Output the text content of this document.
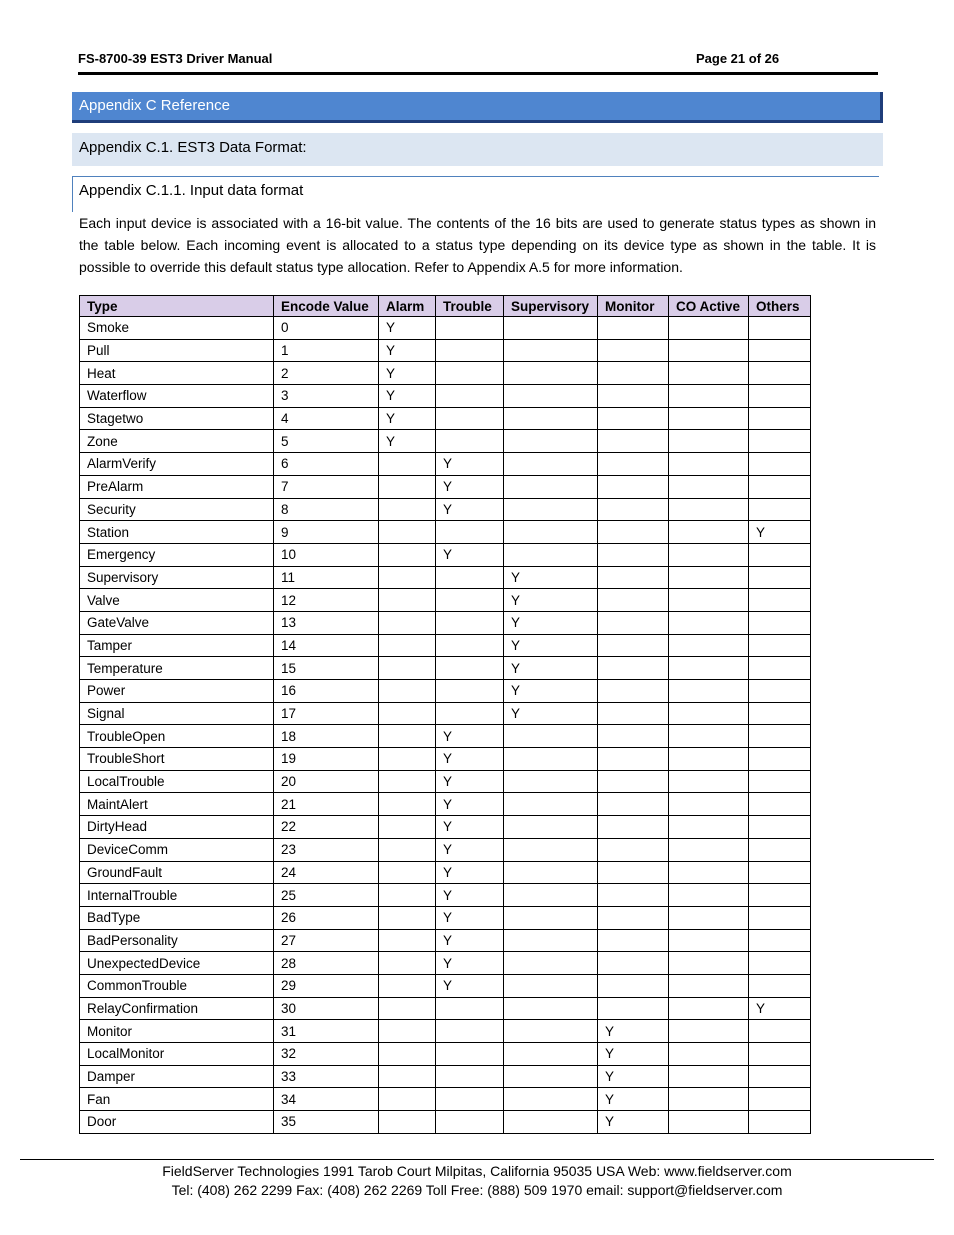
FS-8700-39 EST3 Driver Manual	Page 21 of 26
Appendix C Reference
Appendix C.1. EST3 Data Format:
Appendix C.1.1. Input data format
Each input device is associated with a 16-bit value. The contents of the 16 bits are used to generate status types as shown in the table below. Each incoming event is allocated to a status type depending on its device type as shown in the table. It is possible to override this default status type allocation. Refer to Appendix A.5 for more information.
Type	Encode Value	Alarm	Trouble	Supervisory	Monitor	CO Active	Others
Smoke	0	Y					
Pull	1	Y					
Heat	2	Y					
Waterflow	3	Y					
Stagetwo	4	Y					
Zone	5	Y					
AlarmVerify	6		Y				
PreAlarm	7		Y				
Security	8		Y				
Station	9						Y
Emergency	10		Y				
Supervisory	11			Y			
Valve	12			Y			
GateValve	13			Y			
Tamper	14			Y			
Temperature	15			Y			
Power	16			Y			
Signal	17			Y			
TroubleOpen	18		Y				
TroubleShort	19		Y				
LocalTrouble	20		Y				
MaintAlert	21		Y				
DirtyHead	22		Y				
DeviceComm	23		Y				
GroundFault	24		Y				
InternalTrouble	25		Y				
BadType	26		Y				
BadPersonality	27		Y				
UnexpectedDevice	28		Y				
CommonTrouble	29		Y				
RelayConfirmation	30						Y
Monitor	31				Y		
LocalMonitor	32				Y		
Damper	33				Y		
Fan	34				Y		
Door	35				Y		
FieldServer Technologies 1991 Tarob Court Milpitas, California 95035 USA Web: www.fieldserver.com
Tel: (408) 262 2299 Fax: (408) 262 2269 Toll Free: (888) 509 1970 email: support@fieldserver.com
